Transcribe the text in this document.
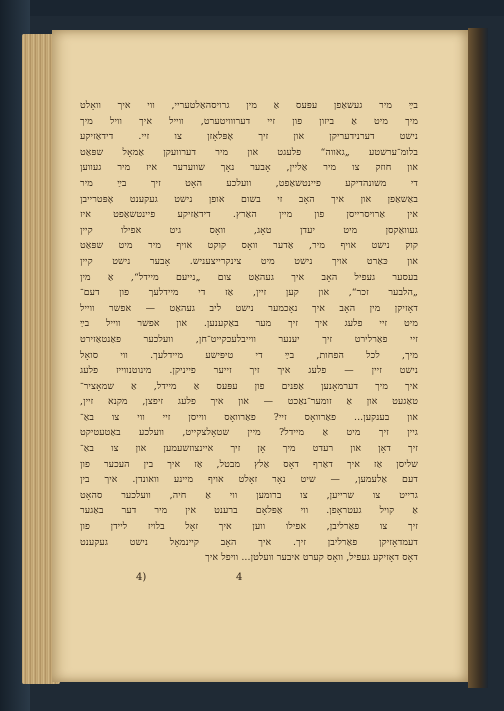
בײַ מיר געשאַפן עפּעס אַ מין גרויסהאַלטעריי, ווי איך וואָלט
מיך מיט אַ ביזון פון זיי דערווויטערט, ווייל איך וויל מיך
נישט דערנידעריקן און זיך אָפּלאָזן צו זיי. דידאַזיקע
בלומ־ערשטע „גאווה“ פלעגט און מיר דערוועקן אַמאָל שפּאַט
און חוזק צו מיר אַליין, אָבער נאָך שווערער איז מיר געווען
די משונהדיקע פיינטשאַפט, וועלכע האָט זיך בײַ מיר
באַשאַפן און איך האָב זי בשום אופן נישט געקענט אָפּטרייבן
אין אַרויסרייסן פון מיין האַרץ. דידאַזיקע פיינטשאַפט איז
געוואַקסן מיט יעדן טאָג, וואָס גיט אפילו קיין
קוק נישט אויף מיר, אַדער וואָס קוקט אויף מיר מיט שפּאַט
און כּאַרט אויך נישט מיט צינקרייצעניש. אָבער נישט קיין
בעסער געפיל האָב איך געהאַט צום „נייעם מיידל“, אַ מין
„הלבער זכר“, און קען זיין, אַז די מיידלעך פון דעם־
דאָזיקן מין האָב איך נאָכמער נישט ליב געהאַט — אפשר ווייל
מיט זיי פלעג איך זיך מער באַקענען. און אפשר ווייל בײַ
זיי פאַרלירט זיך יענער ווייבלעכקייט־חן, וועלכער פאַנטאַזירט
מיך, לכל הפחות, בײַ די טיפּישע מיידלעך. ווי סואָל
נישט זיין — פלעג איך זיך זייער פייניקן. מינוטנווייז פלעג
איך מיך דערמאָנען אַפנים פון עפּעס אַ מיידל, אַ שמאָציר־
טאַגעט און אַ זומער־נאַכט — און איך פלעג זיפצן, מקנא זיין,
און בענקען... פאַרוואָס זיי? פאַרוואָס ווייסן זיי ווי צו באַ־
גיין זיך מיט אַ מיידל? מיין שטאָלצקייט, וועלכע באַטעטיקט
זיך דאָן און רעדט מיך אָן זיך איינצוזשעמען און צו באַ־
שליסן אַז איך דאַרף דאָס אַלץ מבטל, אַז איך בין העכער פון
דעם אַלעמען, — שיט נאָר זאָלט אויף מיינע וואונדן. איך בין
גרייט צו שרייען, צו ברומען ווי אַ חיה, וועלכער סהאָט
אַ קויל געטראָפן. ווי אַפּלאָם ברענט אין מיר דער באַגער
זיך צו פאַרליבן, אפילו ווען איך זאָל בלויז ליידן פון
דעמדאָזיקן פאַרליבן זיך. איך האָב קיינמאָל נישט געקענט
דאָס דאָזיקע געפיל, וואָס קערט איבער וועלטן... וויפל איך
4)	4
